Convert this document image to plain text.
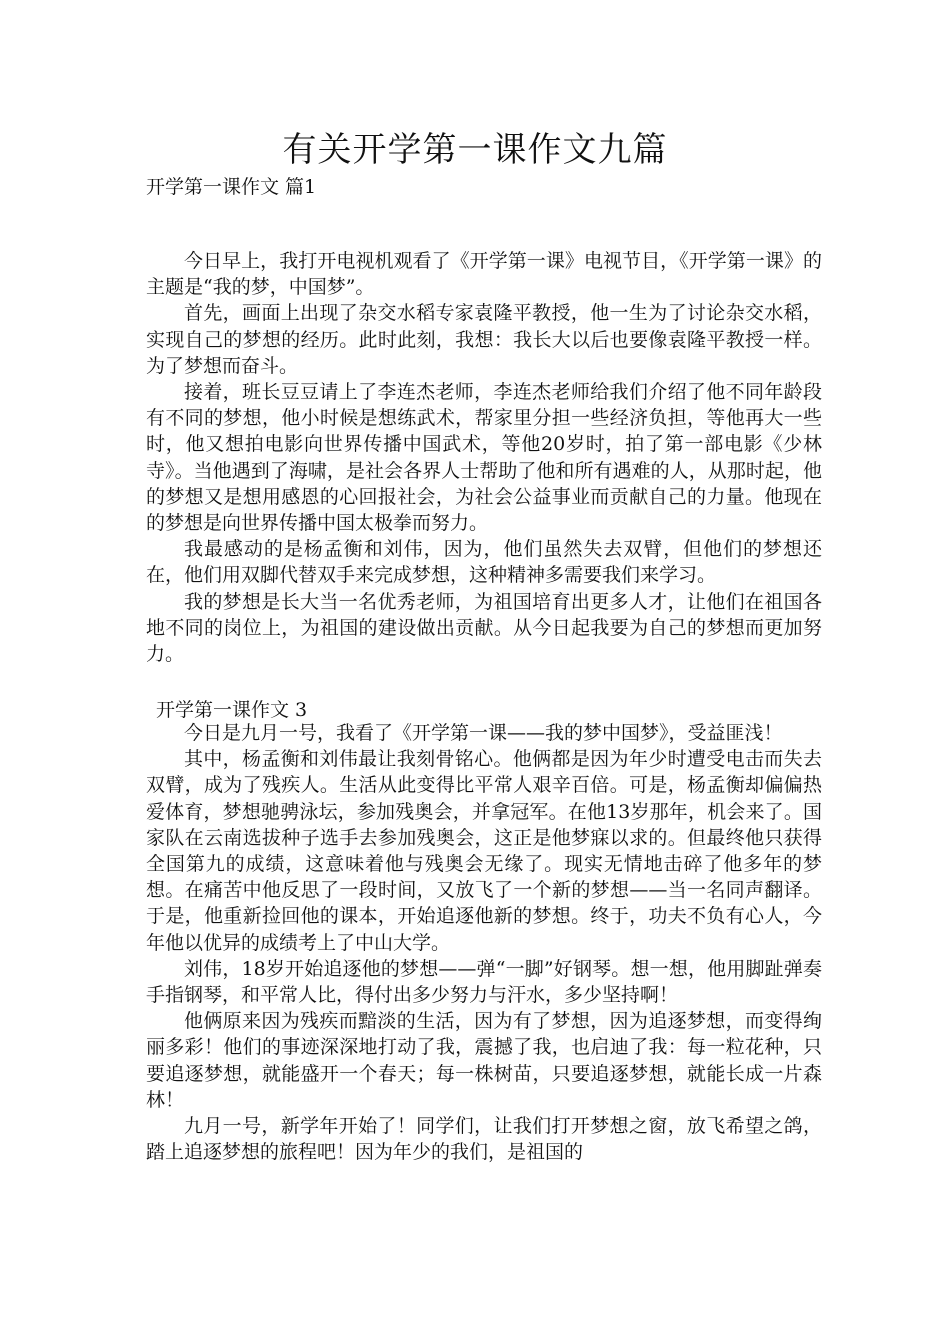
有关开学第一课作文九篇
开学第一课作文 篇1

今日早上，我打开电视机观看了《开学第一课》电视节目，《开学第一课》的主题是“我的梦，中国梦”。

首先，画面上出现了杂交水稻专家袁隆平教授，他一生为了讨论杂交水稻，实现自己的梦想的经历。此时此刻，我想：我长大以后也要像袁隆平教授一样。为了梦想而奋斗。

接着，班长豆豆请上了李连杰老师，李连杰老师给我们介绍了他不同年龄段有不同的梦想，他小时候是想练武术，帮家里分担一些经济负担，等他再大一些时，他又想拍电影向世界传播中国武术，等他20岁时，拍了第一部电影《少林寺》。当他遇到了海啸，是社会各界人士帮助了他和所有遇难的人，从那时起，他的梦想又是想用感恩的心回报社会，为社会公益事业而贡献自己的力量。他现在的梦想是向世界传播中国太极拳而努力。

我最感动的是杨孟衡和刘伟，因为，他们虽然失去双臂，但他们的梦想还在，他们用双脚代替双手来完成梦想，这种精神多需要我们来学习。

我的梦想是长大当一名优秀老师，为祖国培育出更多人才，让他们在祖国各地不同的岗位上，为祖国的建设做出贡献。从今日起我要为自己的梦想而更加努力。

开学第一课作文 3

今日是九月一号，我看了《开学第一课——我的梦中国梦》，受益匪浅！

其中，杨孟衡和刘伟最让我刻骨铭心。他俩都是因为年少时遭受电击而失去双臂，成为了残疾人。生活从此变得比平常人艰辛百倍。可是，杨孟衡却偏偏热爱体育，梦想驰骋泳坛，参加残奥会，并拿冠军。在他13岁那年，机会来了。国家队在云南选拔种子选手去参加残奥会，这正是他梦寐以求的。但最终他只获得全国第九的成绩，这意味着他与残奥会无缘了。现实无情地击碎了他多年的梦想。在痛苦中他反思了一段时间，又放飞了一个新的梦想——当一名同声翻译。于是，他重新捡回他的课本，开始追逐他新的梦想。终于，功夫不负有心人，今年他以优异的成绩考上了中山大学。

刘伟，18岁开始追逐他的梦想——弹“一脚”好钢琴。想一想，他用脚趾弹奏手指钢琴，和平常人比，得付出多少努力与汗水，多少坚持啊！

他俩原来因为残疾而黯淡的生活，因为有了梦想，因为追逐梦想，而变得绚丽多彩！他们的事迹深深地打动了我，震撼了我，也启迪了我：每一粒花种，只要追逐梦想，就能盛开一个春天；每一株树苗，只要追逐梦想，就能长成一片森林！

九月一号，新学年开始了！同学们，让我们打开梦想之窗，放飞希望之鸽，踏上追逐梦想的旅程吧！因为年少的我们，是祖国的
